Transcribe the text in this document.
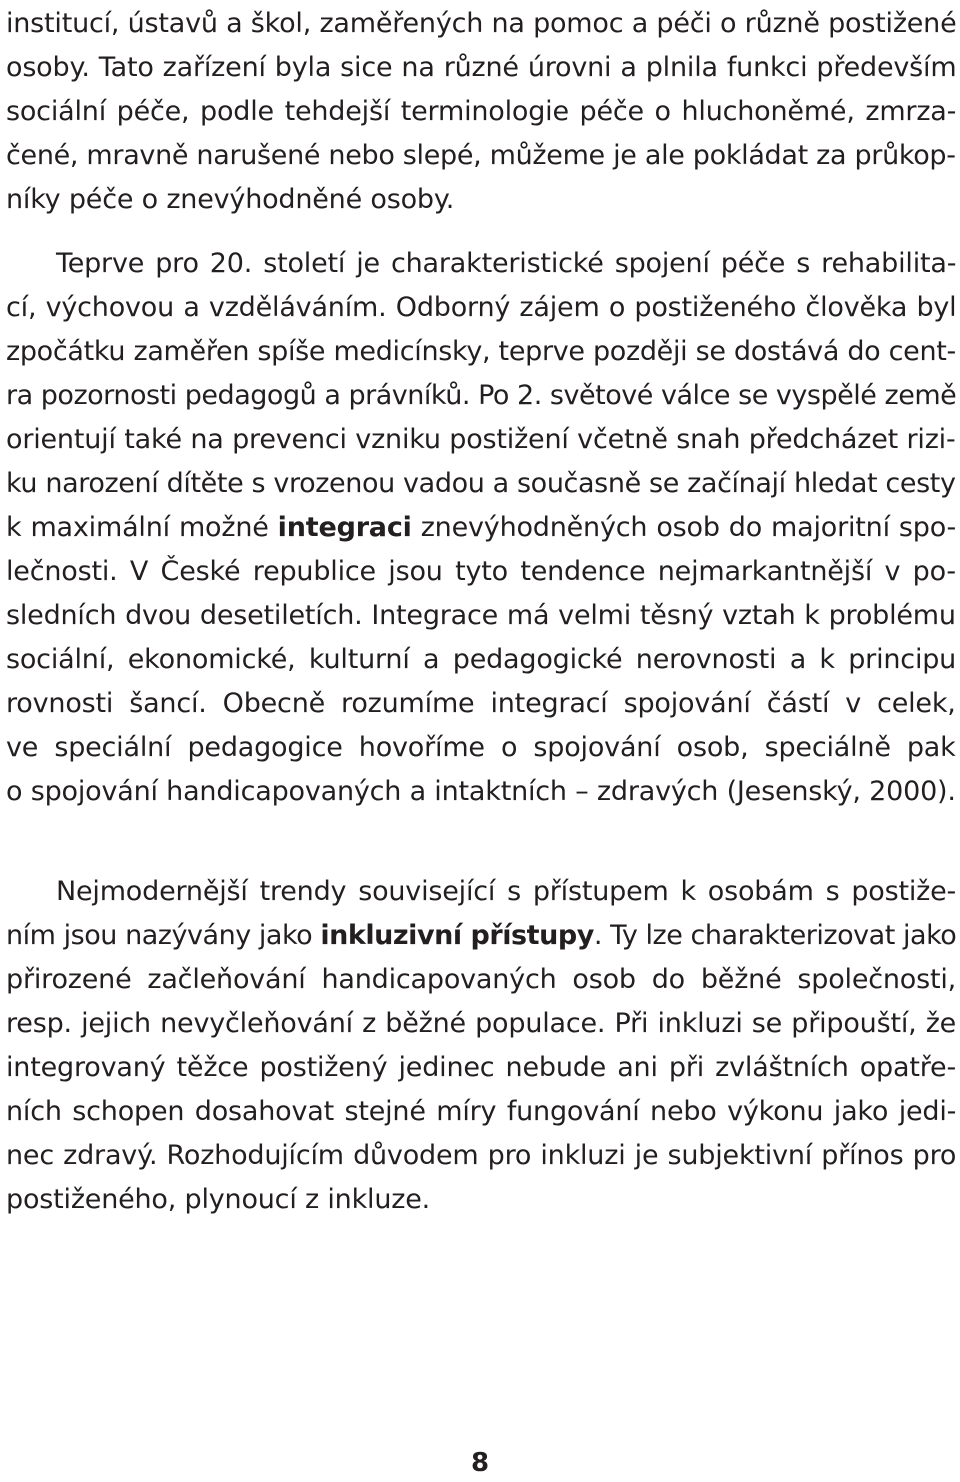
institucí, ústavů a škol, zaměřených na pomoc a péči o různě postižené
osoby. Tato zařízení byla sice na různé úrovni a plnila funkci především
sociální péče, podle tehdejší terminologie péče o hluchoněmé, zmrza-
čené, mravně narušené nebo slepé, můžeme je ale pokládat za průkop-
níky péče o znevýhodněné osoby.
Teprve pro 20. století je charakteristické spojení péče s rehabilita-
cí, výchovou a vzděláváním. Odborný zájem o postiženého člověka byl
zpočátku zaměřen spíše medicínsky, teprve později se dostává do cent-
ra pozornosti pedagogů a právníků. Po 2. světové válce se vyspělé země
orientují také na prevenci vzniku postižení včetně snah předcházet rizi-
ku narození dítěte s vrozenou vadou a současně se začínají hledat cesty
k maximální možné integraci znevýhodněných osob do majoritní spo-
lečnosti. V České republice jsou tyto tendence nejmarkantnější v po-
sledních dvou desetiletích. Integrace má velmi těsný vztah k problému
sociální, ekonomické, kulturní a pedagogické nerovnosti a k principu
rovnosti šancí. Obecně rozumíme integrací spojování částí v celek,
ve speciální pedagogice hovoříme o spojování osob, speciálně pak
o spojování handicapovaných a intaktních – zdravých (Jesenský, 2000).
Nejmodernější trendy související s přístupem k osobám s postiže-
ním jsou nazývány jako inkluzivní přístupy. Ty lze charakterizovat jako
přirozené začleňování handicapovaných osob do běžné společnosti,
resp. jejich nevyčleňování z běžné populace. Při inkluzi se připouští, že
integrovaný těžce postižený jedinec nebude ani při zvláštních opatře-
ních schopen dosahovat stejné míry fungování nebo výkonu jako jedi-
nec zdravý. Rozhodujícím důvodem pro inkluzi je subjektivní přínos pro
postiženého, plynoucí z inkluze.
8
